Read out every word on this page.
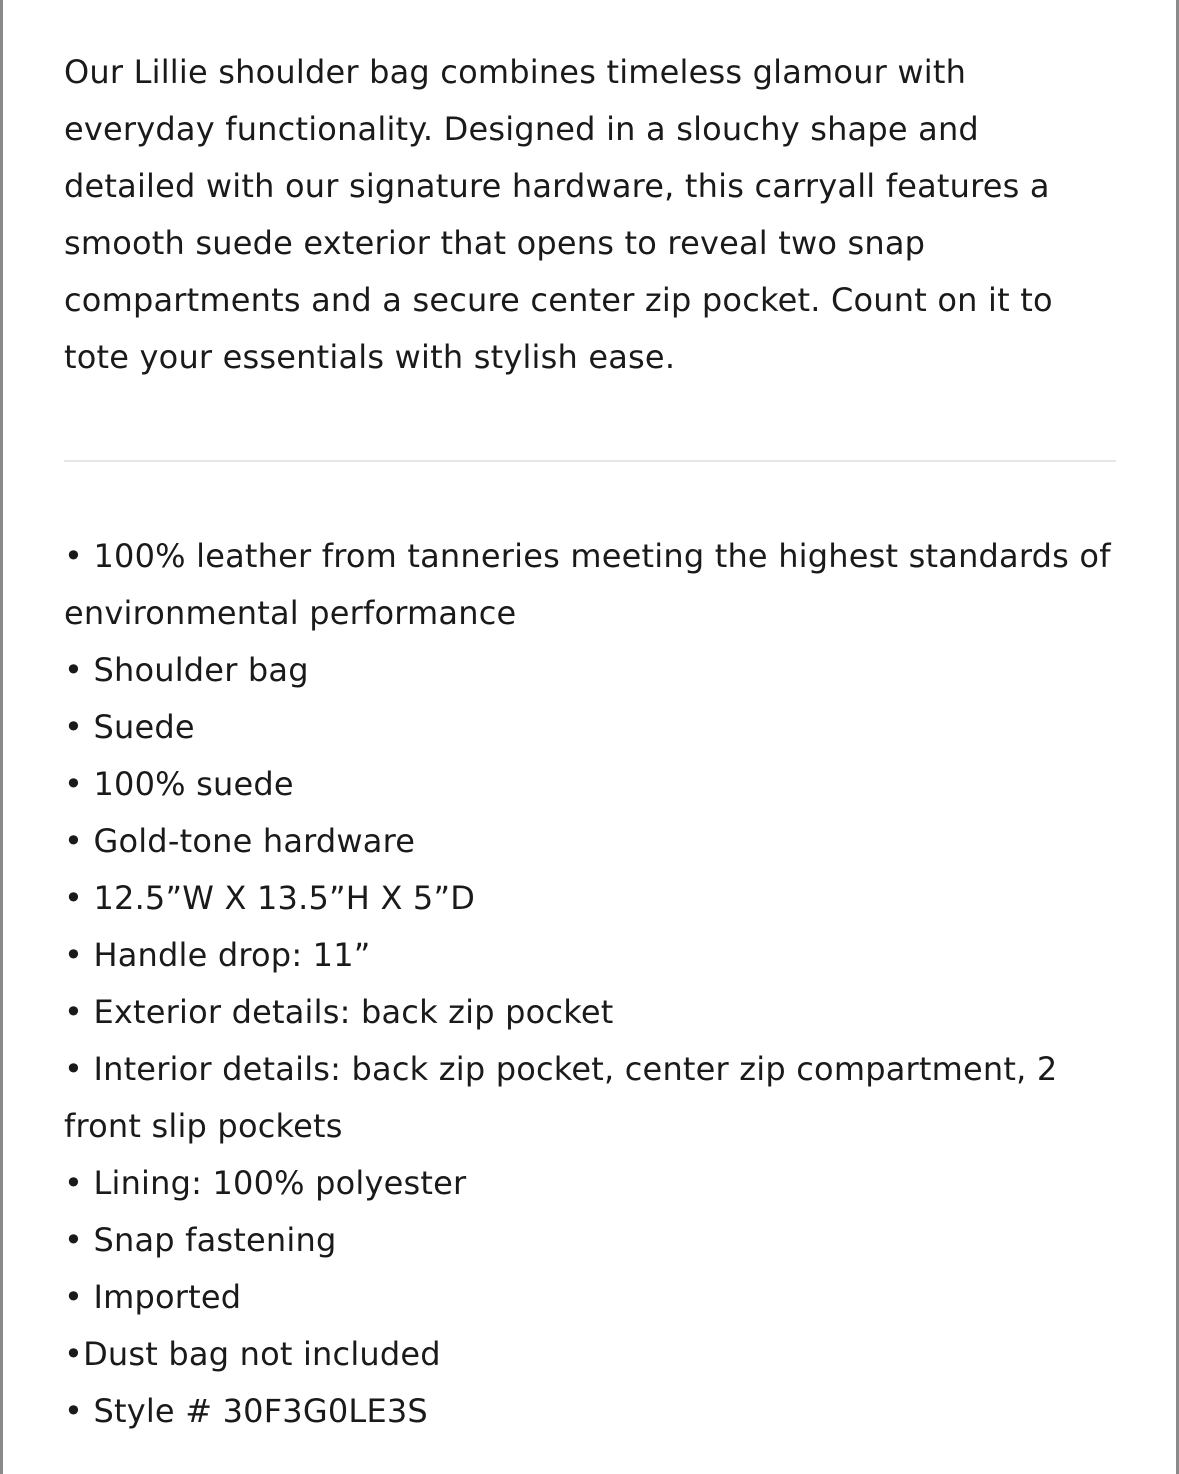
Our Lillie shoulder bag combines timeless glamour with everyday functionality. Designed in a slouchy shape and detailed with our signature hardware, this carryall features a smooth suede exterior that opens to reveal two snap compartments and a secure center zip pocket. Count on it to tote your essentials with stylish ease.

• 100% leather from tanneries meeting the highest standards of environmental performance
• Shoulder bag
• Suede
• 100% suede
• Gold-tone hardware
• 12.5”W X 13.5”H X 5”D
• Handle drop: 11”
• Exterior details: back zip pocket
• Interior details: back zip pocket, center zip compartment, 2 front slip pockets
• Lining: 100% polyester
• Snap fastening
• Imported
•Dust bag not included
• Style # 30F3G0LE3S
